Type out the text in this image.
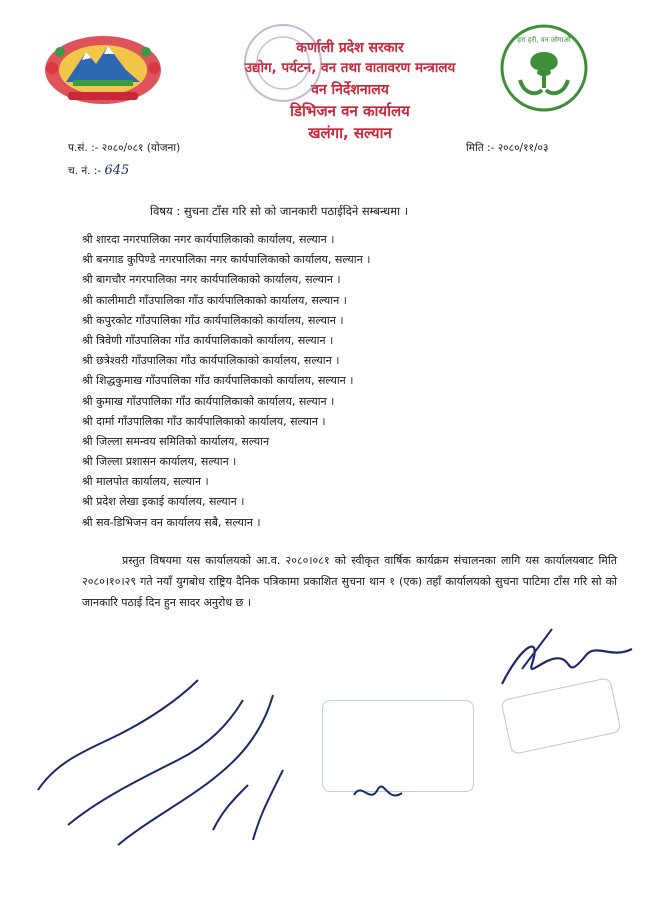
कर्णाली प्रदेश सरकार
उद्योग, पर्यटन, वन तथा वातावरण मन्त्रालय
वन निर्देशनालय
डिभिजन वन कार्यालय
खलंगा, सल्यान
हरा हरी, वन जोगाऔं
प.सं. :- २०८०/०८१ (योजना)	मिति :- २०८०/११/०३
च. नं. :- 645
विषय : सुचना टाँस गरि सो को जानकारी पठाईदिने सम्बन्धमा ।
श्री शारदा नगरपालिका नगर कार्यपालिकाको कार्यालय, सल्यान ।
श्री बनगाड कुपिण्डे नगरपालिका नगर कार्यपालिकाको कार्यालय, सल्यान ।
श्री बागचौर नगरपालिका नगर कार्यपालिकाको कार्यालय, सल्यान ।
श्री कालीमाटी गाँउपालिका गाँउ कार्यपालिकाको कार्यालय, सल्यान ।
श्री कपुरकोट गाँउपालिका गाँउ कार्यपालिकाको कार्यालय, सल्यान ।
श्री त्रिवेणी गाँउपालिका गाँउ कार्यपालिकाको कार्यालय, सल्यान ।
श्री छत्रेश्वरी गाँउपालिका गाँउ कार्यपालिकाको कार्यालय, सल्यान ।
श्री शिद्धकुमाख गाँउपालिका गाँउ कार्यपालिकाको कार्यालय, सल्यान ।
श्री कुमाख गाँउपालिका गाँउ कार्यपालिकाको कार्यालय, सल्यान ।
श्री दार्मा गाँउपालिका गाँउ कार्यपालिकाको कार्यालय, सल्यान ।
श्री जिल्ला समन्वय समितिको कार्यालय, सल्यान
श्री जिल्ला प्रशासन कार्यालय, सल्यान ।
श्री मालपोत कार्यालय, सल्यान ।
श्री प्रदेश लेखा इकाई कार्यालय, सल्यान ।
श्री सव-डिभिजन वन कार्यालय सबै, सल्यान ।
प्रस्तुत विषयमा यस कार्यालयको आ.व. २०८०।०८१ को स्वीकृत वार्षिक कार्यक्रम संचालनका लागि यस कार्यालयबाट मिति २०८०।१०।२९ गते नयाँ युगबोध राष्ट्रिय दैनिक पत्रिकामा प्रकाशित सुचना थान १ (एक) तहाँ कार्यालयको सुचना पाटिमा टाँस गरि सो को जानकारि पठाई दिन हुन सादर अनुरोध छ ।
